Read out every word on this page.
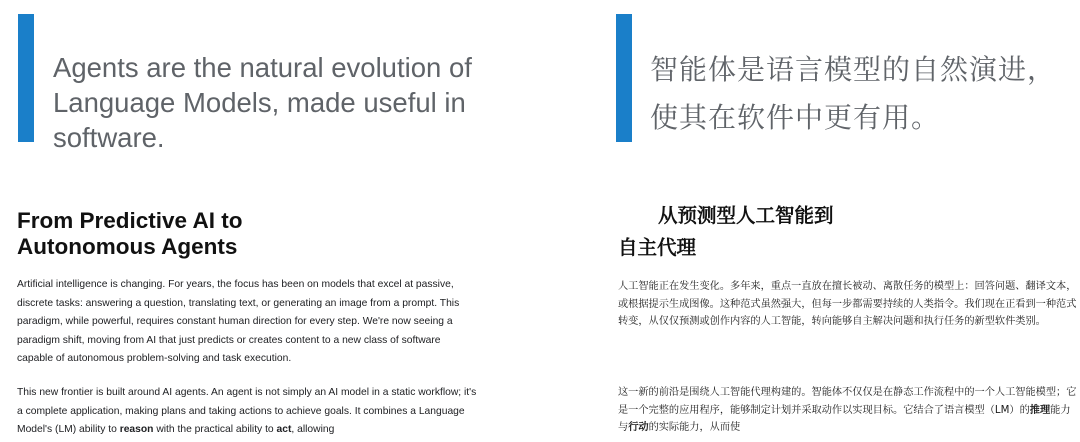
Agents are the natural evolution of Language Models, made useful in software.

From Predictive AI to
Autonomous Agents

Artificial intelligence is changing. For years, the focus has been on models that excel at passive, discrete tasks: answering a question, translating text, or generating an image from a prompt. This paradigm, while powerful, requires constant human direction for every step. We're now seeing a paradigm shift, moving from AI that just predicts or creates content to a new class of software capable of autonomous problem-solving and task execution.

This new frontier is built around AI agents. An agent is not simply an AI model in a static workflow; it's a complete application, making plans and taking actions to achieve goals. It combines a Language Model's (LM) ability to reason with the practical ability to act, allowing

智能体是语言模型的自然演进，使其在软件中更有用。

从预测型人工智能到
自主代理

人工智能正在发生变化。多年来，重点一直放在擅长被动、离散任务的模型上：回答问题、翻译文本，或根据提示生成图像。这种范式虽然强大，但每一步都需要持续的人类指令。我们现在正看到一种范式转变，从仅仅预测或创作内容的人工智能，转向能够自主解决问题和执行任务的新型软件类别。

这一新的前沿是围绕人工智能代理构建的。智能体不仅仅是在静态工作流程中的一个人工智能模型；它是一个完整的应用程序，能够制定计划并采取动作以实现目标。它结合了语言模型（LM）的推理能力与行动的实际能力，从而使
